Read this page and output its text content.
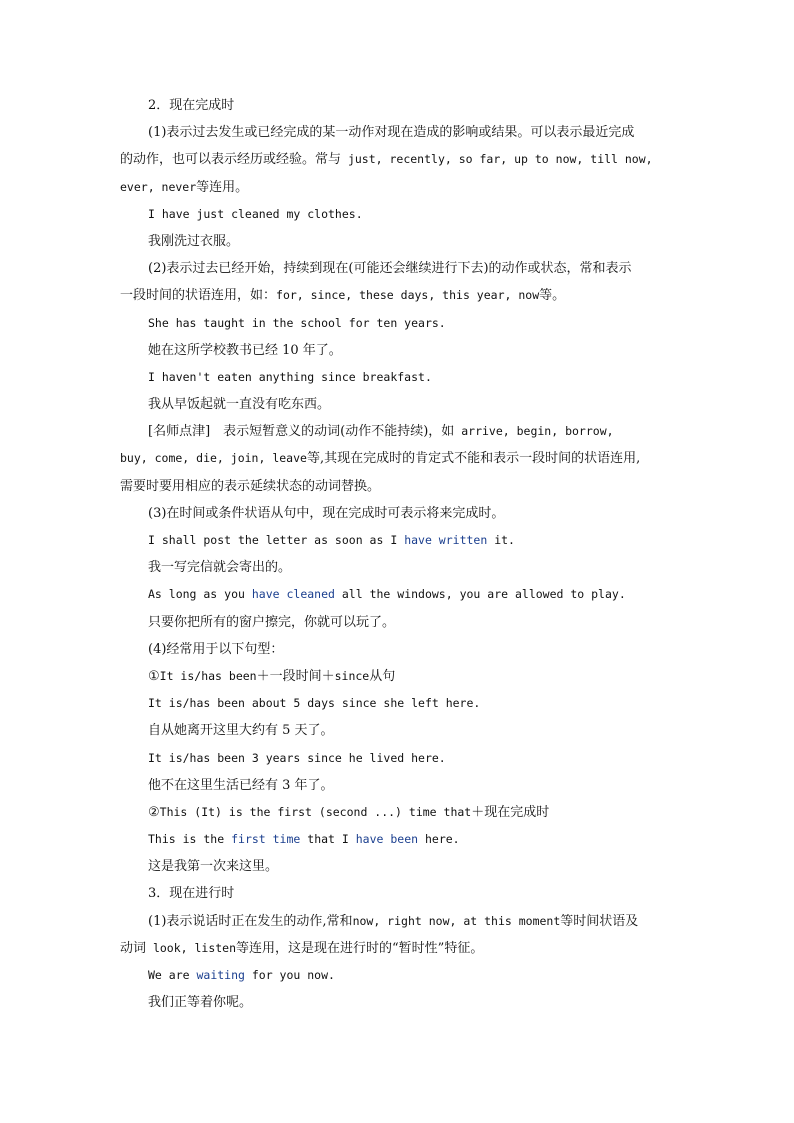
2．现在完成时
(1)表示过去发生或已经完成的某一动作对现在造成的影响或结果。可以表示最近完成
的动作，也可以表示经历或经验。常与 just, recently, so far, up to now, till now,
ever, never等连用。
I have just cleaned my clothes.
我刚洗过衣服。
(2)表示过去已经开始，持续到现在(可能还会继续进行下去)的动作或状态，常和表示
一段时间的状语连用，如：for, since, these days, this year, now等。
She has taught in the school for ten years.
她在这所学校教书已经 10 年了。
I haven't eaten anything since breakfast.
我从早饭起就一直没有吃东西。
[名师点津]　表示短暂意义的动词(动作不能持续)，如 arrive, begin, borrow,
buy, come, die, join, leave等,其现在完成时的肯定式不能和表示一段时间的状语连用,
需要时要用相应的表示延续状态的动词替换。
(3)在时间或条件状语从句中，现在完成时可表示将来完成时。
I shall post the letter as soon as I have written it.
我一写完信就会寄出的。
As long as you have cleaned all the windows, you are allowed to play.
只要你把所有的窗户擦完，你就可以玩了。
(4)经常用于以下句型：
①It is/has been＋一段时间＋since从句
It is/has been about 5 days since she left here.
自从她离开这里大约有 5 天了。
It is/has been 3 years since he lived here.
他不在这里生活已经有 3 年了。
②This (It) is the first (second ...) time that＋现在完成时
This is the first time that I have been here.
这是我第一次来这里。
3．现在进行时
(1)表示说话时正在发生的动作,常和now, right now, at this moment等时间状语及
动词 look, listen等连用，这是现在进行时的“暂时性”特征。
We are waiting for you now.
我们正等着你呢。
